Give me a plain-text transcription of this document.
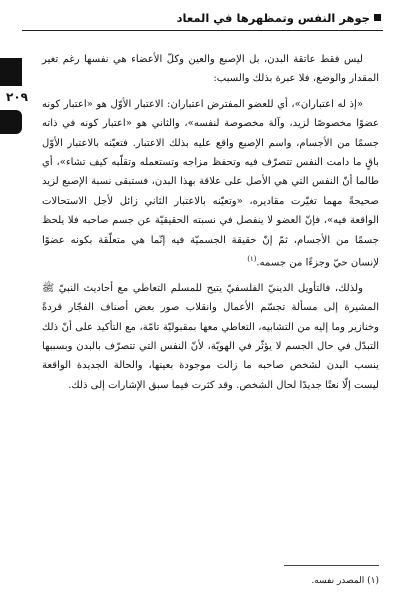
جوهر النفس وتمظهرها في المعاد
٢٠٩

ليس فقط عاتقة البدن، بل الإصبع والعين وكلّ الأعضاء هي نفسها رغم تغير المقدار والوضع، فلا عبرة بذلك والسبب:

«إذ له اعتباران»، أي للعضو المفترض اعتباران: الاعتبار الأوّل هو «اعتبار كونه عضوًا مخصوصًا لزيد، وآلة مخصوصة لنفسه»، والثاني هو «اعتبار كونه في ذاته جسمًا من الأجسام، واسم الإصبع واقع عليه بذلك الاعتبار. فتعيّنه بالاعتبار الأوّل باقٍ ما دامت النفس تتصرّف فيه وتحفظ مزاجه وتستعمله وتقلّبه كيف تشاء»، أي طالما أنّ النفس التي هي الأصل على علاقة بهذا البدن، فستبقى نسبة الإصبع لزيد صحيحةً مهما تغيّرت مقاديره، «وتعيّنه بالاعتبار الثاني زائل لأجل الاستحالات الواقعة فيه»، فإنّ العضو لا ينفصل في نسبته الحقيقيّة عن جسم صاحبه فلا يلحظ جسمًا من الأجسام، ثمّ إنّ حقيقة الجسميّة فيه إنّما هي متعلّقة بكونه عضوًا لإنسان حيّ وجزءًا من جسمه.$^{(١)}$

ولذلك، فالتأويل الدينيّ الفلسفيّ يتيح للمسلم التعاطي مع أحاديث النبيّ ﷺ المشيرة إلى مسألة تجسّم الأعمال وانقلاب صور بعض أصناف الفجّار قردةً وخنازير وما إليه من التشابيه، التعاطي معها بمقبوليّة تامّة، مع التأكيد على أنّ ذلك التبدّل في حال الجسم لا يؤثّر في الهويّة، لأنّ النفس التي تتصرّف بالبدن وبسببها ينسب البدن لشخص صاحبه ما زالت موجودة بعينها، والحالة الجديدة الواقعة ليست إلّا نعتًا جديدًا لحال الشخص. وقد كثرت فيما سبق الإشارات إلى ذلك.

(١) المصدر نفسه.
